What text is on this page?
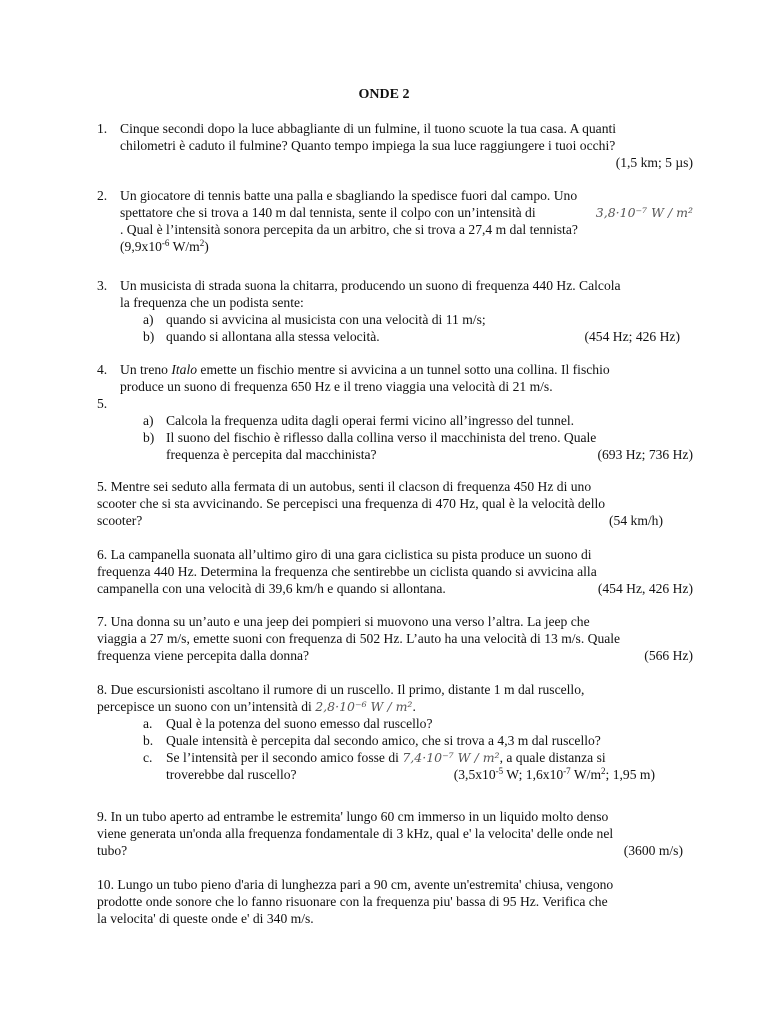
ONDE 2
1. Cinque secondi dopo la luce abbagliante di un fulmine, il tuono scuote la tua casa. A quanti
chilometri è caduto il fulmine? Quanto tempo impiega la sua luce raggiungere i tuoi occhi?
(1,5 km; 5 µs)
2. Un giocatore di tennis batte una palla e sbagliando la spedisce fuori dal campo. Uno
spettatore che si trova a 140 m dal tennista, sente il colpo con un’intensità di	3,8·10⁻⁷ W / m²
. Qual è l’intensità sonora percepita da un arbitro, che si trova a 27,4 m dal tennista?
($9,9x10^{-6}$ $W/m^2$)
3. Un musicista di strada suona la chitarra, producendo un suono di frequenza 440 Hz. Calcola
la frequenza che un podista sente:
a) quando si avvicina al musicista con una velocità di 11 m/s;
b) quando si allontana alla stessa velocità.	(454 Hz; 426 Hz)
4. Un treno Italo emette un fischio mentre si avvicina a un tunnel sotto una collina. Il fischio
produce un suono di frequenza 650 Hz e il treno viaggia una velocità di 21 m/s.
5.
a) Calcola la frequenza udita dagli operai fermi vicino all’ingresso del tunnel.
b) Il suono del fischio è riflesso dalla collina verso il macchinista del treno. Quale
frequenza è percepita dal macchinista?	(693 Hz; 736 Hz)
5. Mentre sei seduto alla fermata di un autobus, senti il clacson di frequenza 450 Hz di uno
scooter che si sta avvicinando. Se percepisci una frequenza di 470 Hz, qual è la velocità dello
scooter?	(54 km/h)
6. La campanella suonata all’ultimo giro di una gara ciclistica su pista produce un suono di
frequenza 440 Hz. Determina la frequenza che sentirebbe un ciclista quando si avvicina alla
campanella con una velocità di 39,6 km/h e quando si allontana.	(454 Hz, 426 Hz)
7. Una donna su un’auto e una jeep dei pompieri si muovono una verso l’altra. La jeep che
viaggia a 27 m/s, emette suoni con frequenza di 502 Hz. L’auto ha una velocità di 13 m/s. Quale
frequenza viene percepita dalla donna?	(566 Hz)
8. Due escursionisti ascoltano il rumore di un ruscello. Il primo, distante 1 m dal ruscello,
percepisce un suono con un’intensità di 2,8·10⁻⁶ W / m².
a. Qual è la potenza del suono emesso dal ruscello?
b. Quale intensità è percepita dal secondo amico, che si trova a 4,3 m dal ruscello?
c. Se l’intensità per il secondo amico fosse di 7,4·10⁻⁷ W / m², a quale distanza si
troverebbe dal ruscello?	($3,5x10^{-5}$ W; $1,6x10^{-7}$ $W/m^2$; 1,95 m)
9. In un tubo aperto ad entrambe le estremita' lungo 60 cm immerso in un liquido molto denso
viene generata un'onda alla frequenza fondamentale di 3 kHz, qual e' la velocita' delle onde nel
tubo?	(3600 m/s)
10. Lungo un tubo pieno d'aria di lunghezza pari a 90 cm, avente un'estremita' chiusa, vengono
prodotte onde sonore che lo fanno risuonare con la frequenza piu' bassa di 95 Hz. Verifica che
la velocita' di queste onde e' di 340 m/s.
